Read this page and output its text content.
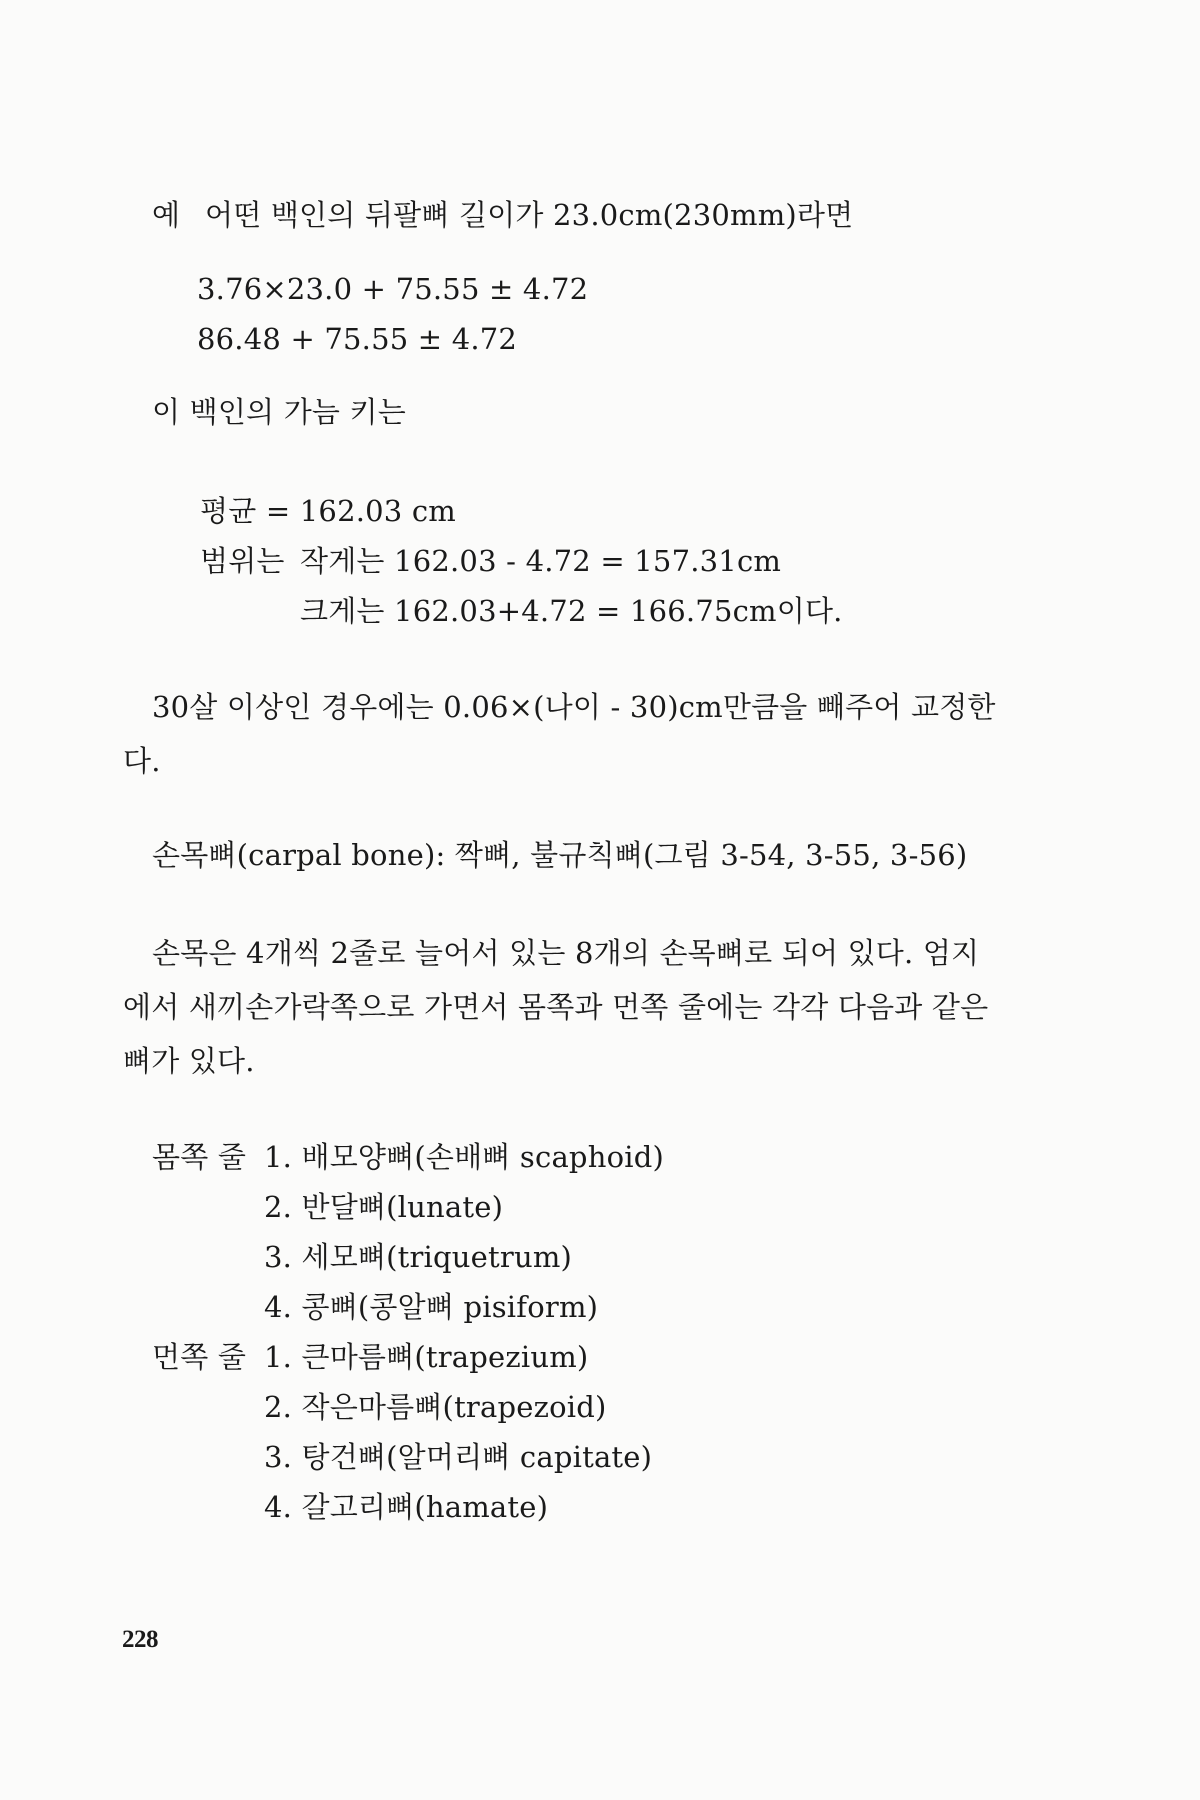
예 어떤 백인의 뒤팔뼈 길이가 23.0cm(230mm)라면
3.76×23.0 + 75.55 ± 4.72
86.48 + 75.55 ± 4.72
이 백인의 가늠 키는
평균 = 162.03 cm
범위는 작게는 162.03 - 4.72 = 157.31cm
크게는 162.03+4.72 = 166.75cm이다.
30살 이상인 경우에는 0.06×(나이 - 30)cm만큼을 빼주어 교정한
다.
손목뼈(carpal bone): 짝뼈, 불규칙뼈(그림 3-54, 3-55, 3-56)
손목은 4개씩 2줄로 늘어서 있는 8개의 손목뼈로 되어 있다. 엄지
에서 새끼손가락쪽으로 가면서 몸쪽과 먼쪽 줄에는 각각 다음과 같은
뼈가 있다.
몸쪽 줄 1. 배모양뼈(손배뼈 scaphoid)
2. 반달뼈(lunate)
3. 세모뼈(triquetrum)
4. 콩뼈(콩알뼈 pisiform)
먼쪽 줄 1. 큰마름뼈(trapezium)
2. 작은마름뼈(trapezoid)
3. 탕건뼈(알머리뼈 capitate)
4. 갈고리뼈(hamate)
228
